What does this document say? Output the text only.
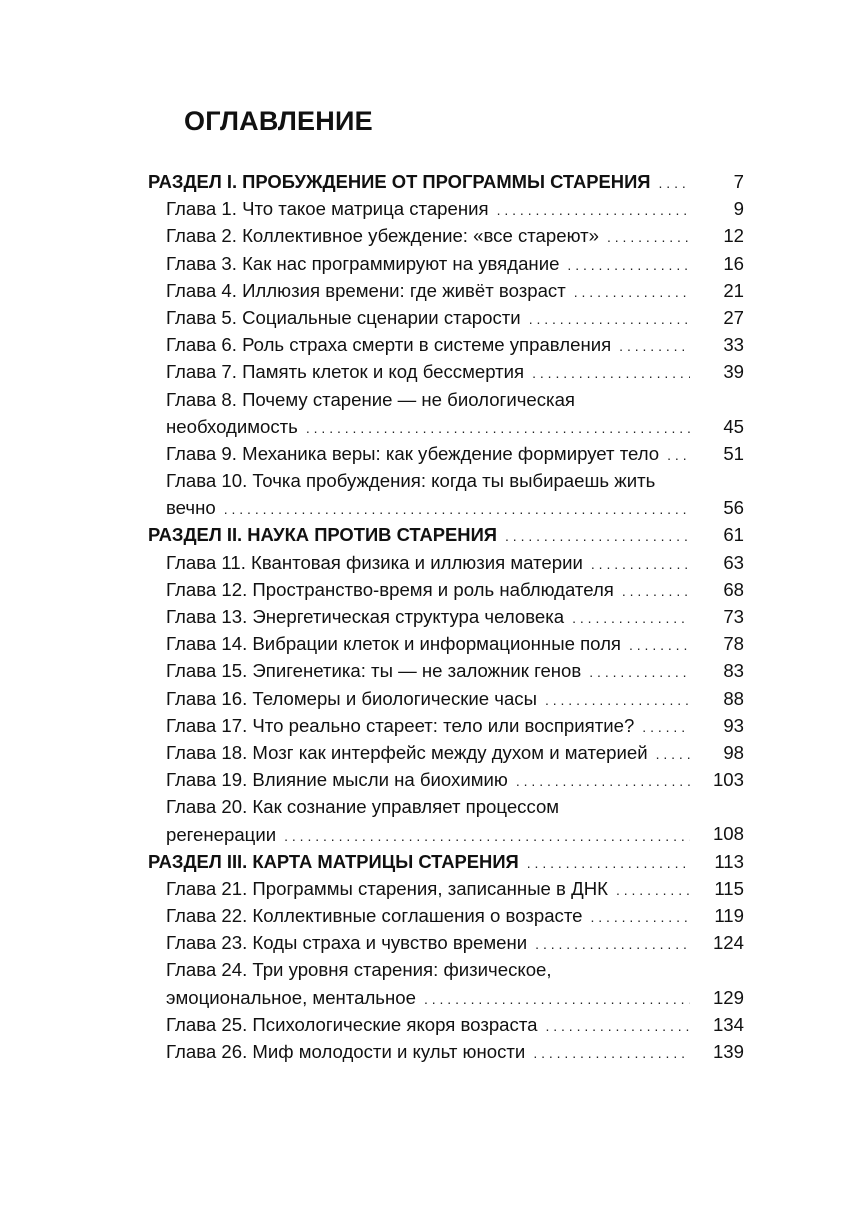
ОГЛАВЛЕНИЕ
РАЗДЕЛ I. ПРОБУЖДЕНИЕ ОТ ПРОГРАММЫ СТАРЕНИЯ . . .	7
Глава 1. Что такое матрица старения . . .	9
Глава 2. Коллективное убеждение: «все стареют» . . .	12
Глава 3. Как нас программируют на увядание . . .	16
Глава 4. Иллюзия времени: где живёт возраст . . .	21
Глава 5. Социальные сценарии старости . . .	27
Глава 6. Роль страха смерти в системе управления . . .	33
Глава 7. Память клеток и код бессмертия . . .	39
Глава 8. Почему старение — не биологическая
необходимость . . .	45
Глава 9. Механика веры: как убеждение формирует тело . . .	51
Глава 10. Точка пробуждения: когда ты выбираешь жить
вечно . . .	56
РАЗДЕЛ II. НАУКА ПРОТИВ СТАРЕНИЯ . . .	61
Глава 11. Квантовая физика и иллюзия материи . . .	63
Глава 12. Пространство-время и роль наблюдателя . . .	68
Глава 13. Энергетическая структура человека . . .	73
Глава 14. Вибрации клеток и информационные поля . . .	78
Глава 15. Эпигенетика: ты — не заложник генов . . .	83
Глава 16. Теломеры и биологические часы . . .	88
Глава 17. Что реально стареет: тело или восприятие? . . .	93
Глава 18. Мозг как интерфейс между духом и материей . . .	98
Глава 19. Влияние мысли на биохимию . . .	103
Глава 20. Как сознание управляет процессом
регенерации . . .	108
РАЗДЕЛ III. КАРТА МАТРИЦЫ СТАРЕНИЯ . . .	113
Глава 21. Программы старения, записанные в ДНК . . .	115
Глава 22. Коллективные соглашения о возрасте . . .	119
Глава 23. Коды страха и чувство времени . . .	124
Глава 24. Три уровня старения: физическое,
эмоциональное, ментальное . . .	129
Глава 25. Психологические якоря возраста . . .	134
Глава 26. Миф молодости и культ юности . . .	139
